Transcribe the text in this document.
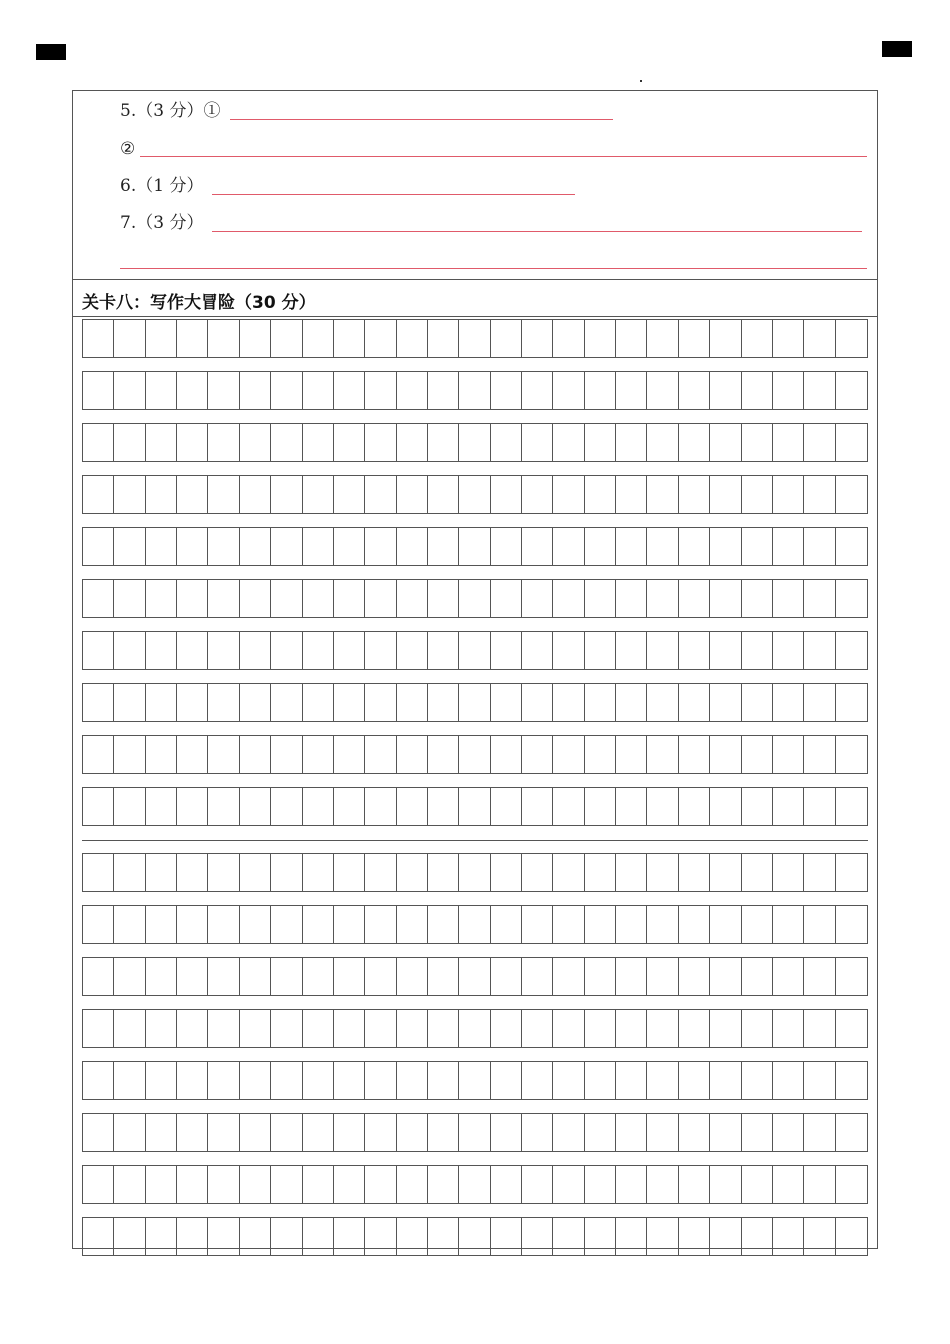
5.（3 分）①
②
6.（1 分）
7.（3 分）
关卡八：写作大冒险（30 分）
